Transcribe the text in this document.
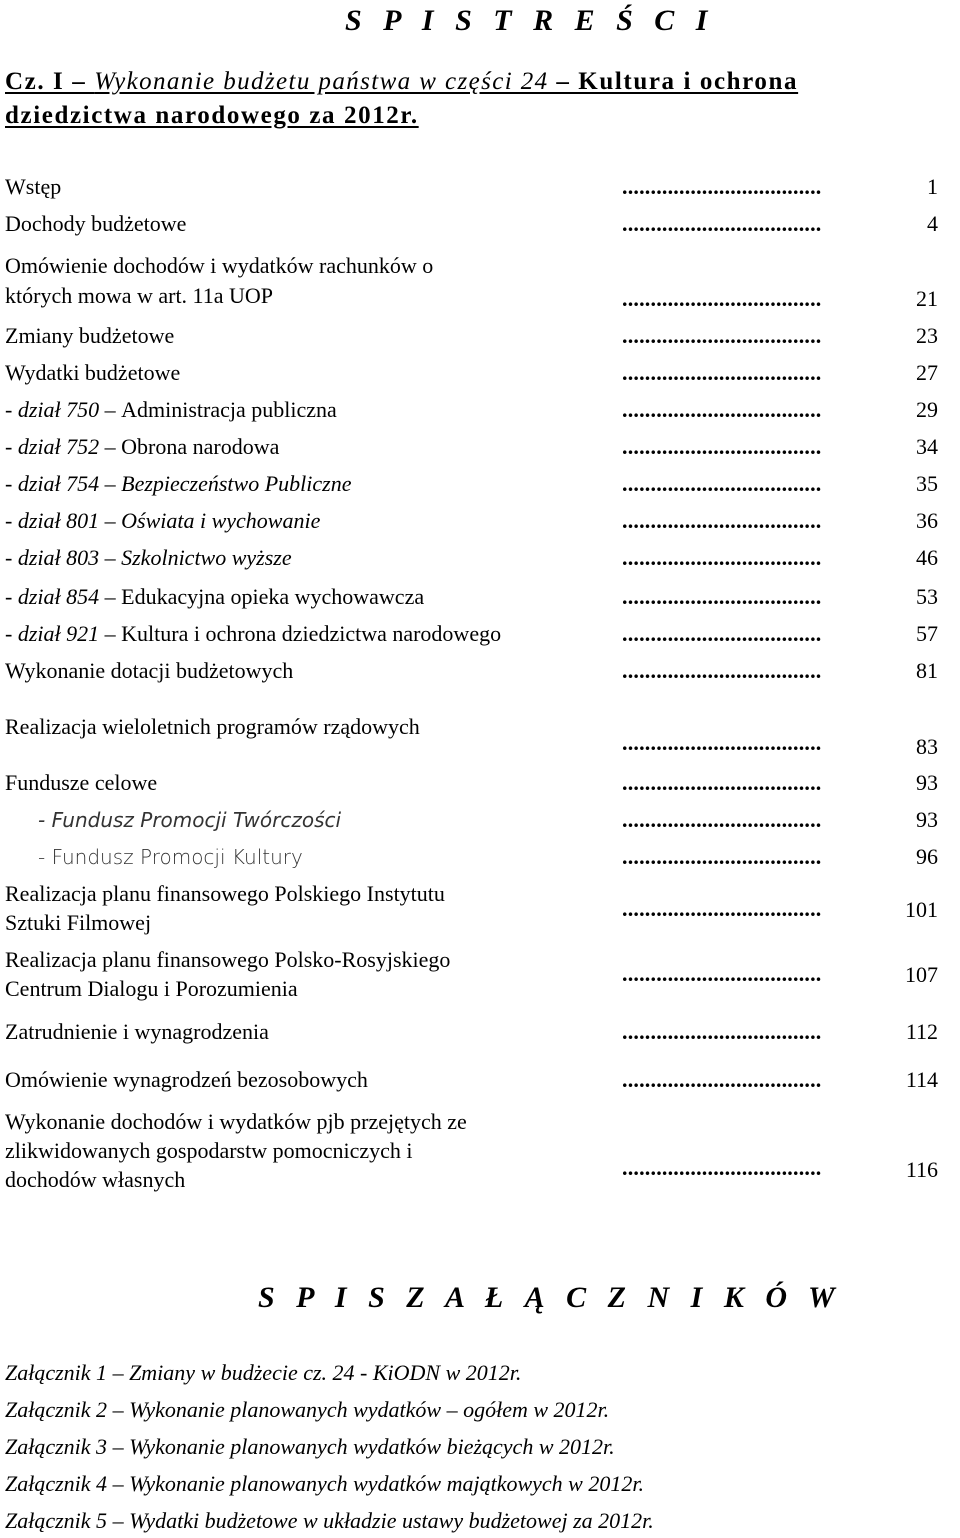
S P I S T R E Ś C I
Cz. I – Wykonanie budżetu państwa w części 24 – Kultura i ochrona
dziedzictwa narodowego za 2012r.
Wstęp	...................................	1
Dochody budżetowe	...................................	4
Omówienie dochodów i wydatków rachunków o
których mowa w art. 11a UOP	...................................	21
Zmiany budżetowe	...................................	23
Wydatki budżetowe	...................................	27
- dział 750 – Administracja publiczna	...................................	29
- dział 752 – Obrona narodowa	...................................	34
- dział 754 – Bezpieczeństwo Publiczne	...................................	35
- dział 801 – Oświata i wychowanie	...................................	36
- dział 803 – Szkolnictwo wyższe	...................................	46
- dział 854 – Edukacyjna opieka wychowawcza	...................................	53
- dział 921 – Kultura i ochrona dziedzictwa narodowego	...................................	57
Wykonanie dotacji budżetowych	...................................	81
Realizacja wieloletnich programów rządowych
...................................	83
Fundusze celowe	...................................	93
- Fundusz Promocji Twórczości	...................................	93
- Fundusz Promocji Kultury	...................................	96
Realizacja planu finansowego Polskiego Instytutu
Sztuki Filmowej
...................................	101
Realizacja planu finansowego Polsko-Rosyjskiego
Centrum Dialogu i Porozumienia
...................................	107
Zatrudnienie i wynagrodzenia	...................................	112
Omówienie wynagrodzeń bezosobowych	...................................	114
Wykonanie dochodów i wydatków pjb przejętych ze
zlikwidowanych gospodarstw pomocniczych i
dochodów własnych	...................................	116
S P I S Z A Ł Ą C Z N I K Ó W
Załącznik 1 – Zmiany w budżecie cz. 24 - KiODN w 2012r.
Załącznik 2 – Wykonanie planowanych wydatków – ogółem w 2012r.
Załącznik 3 – Wykonanie planowanych wydatków bieżących w 2012r.
Załącznik 4 – Wykonanie planowanych wydatków majątkowych w 2012r.
Załącznik 5 – Wydatki budżetowe w układzie ustawy budżetowej za 2012r.
